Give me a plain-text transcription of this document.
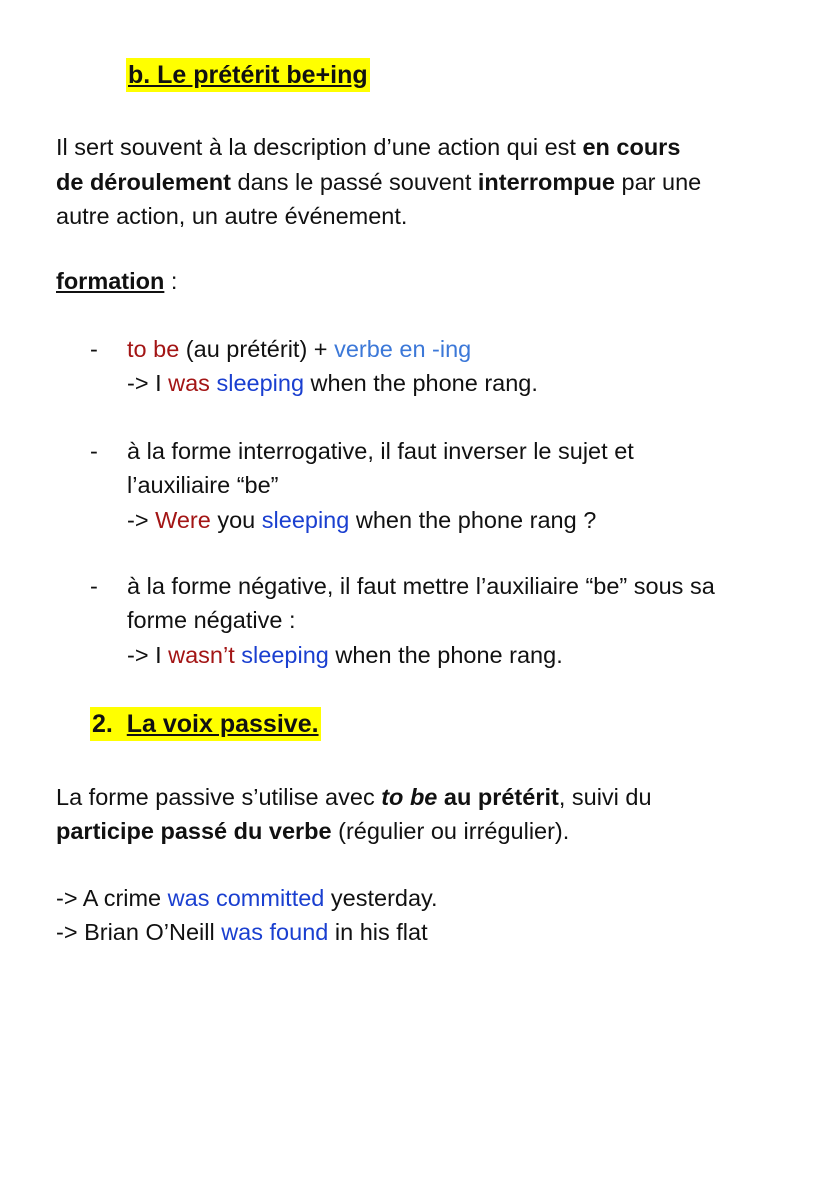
b. Le prétérit be+ing
Il sert souvent à la description d’une action qui est en cours
de déroulement dans le passé souvent interrompue par une
autre action, un autre événement.
formation :
- to be (au prétérit) + verbe en -ing
-> I was sleeping when the phone rang.
- à la forme interrogative, il faut inverser le sujet et
l’auxiliaire “be”
-> Were you sleeping when the phone rang ?
- à la forme négative, il faut mettre l’auxiliaire “be” sous sa
forme négative :
-> I wasn’t sleeping when the phone rang.
2. La voix passive.
La forme passive s’utilise avec to be au prétérit, suivi du
participe passé du verbe (régulier ou irrégulier).
-> A crime was committed yesterday.
-> Brian O’Neill was found in his flat
